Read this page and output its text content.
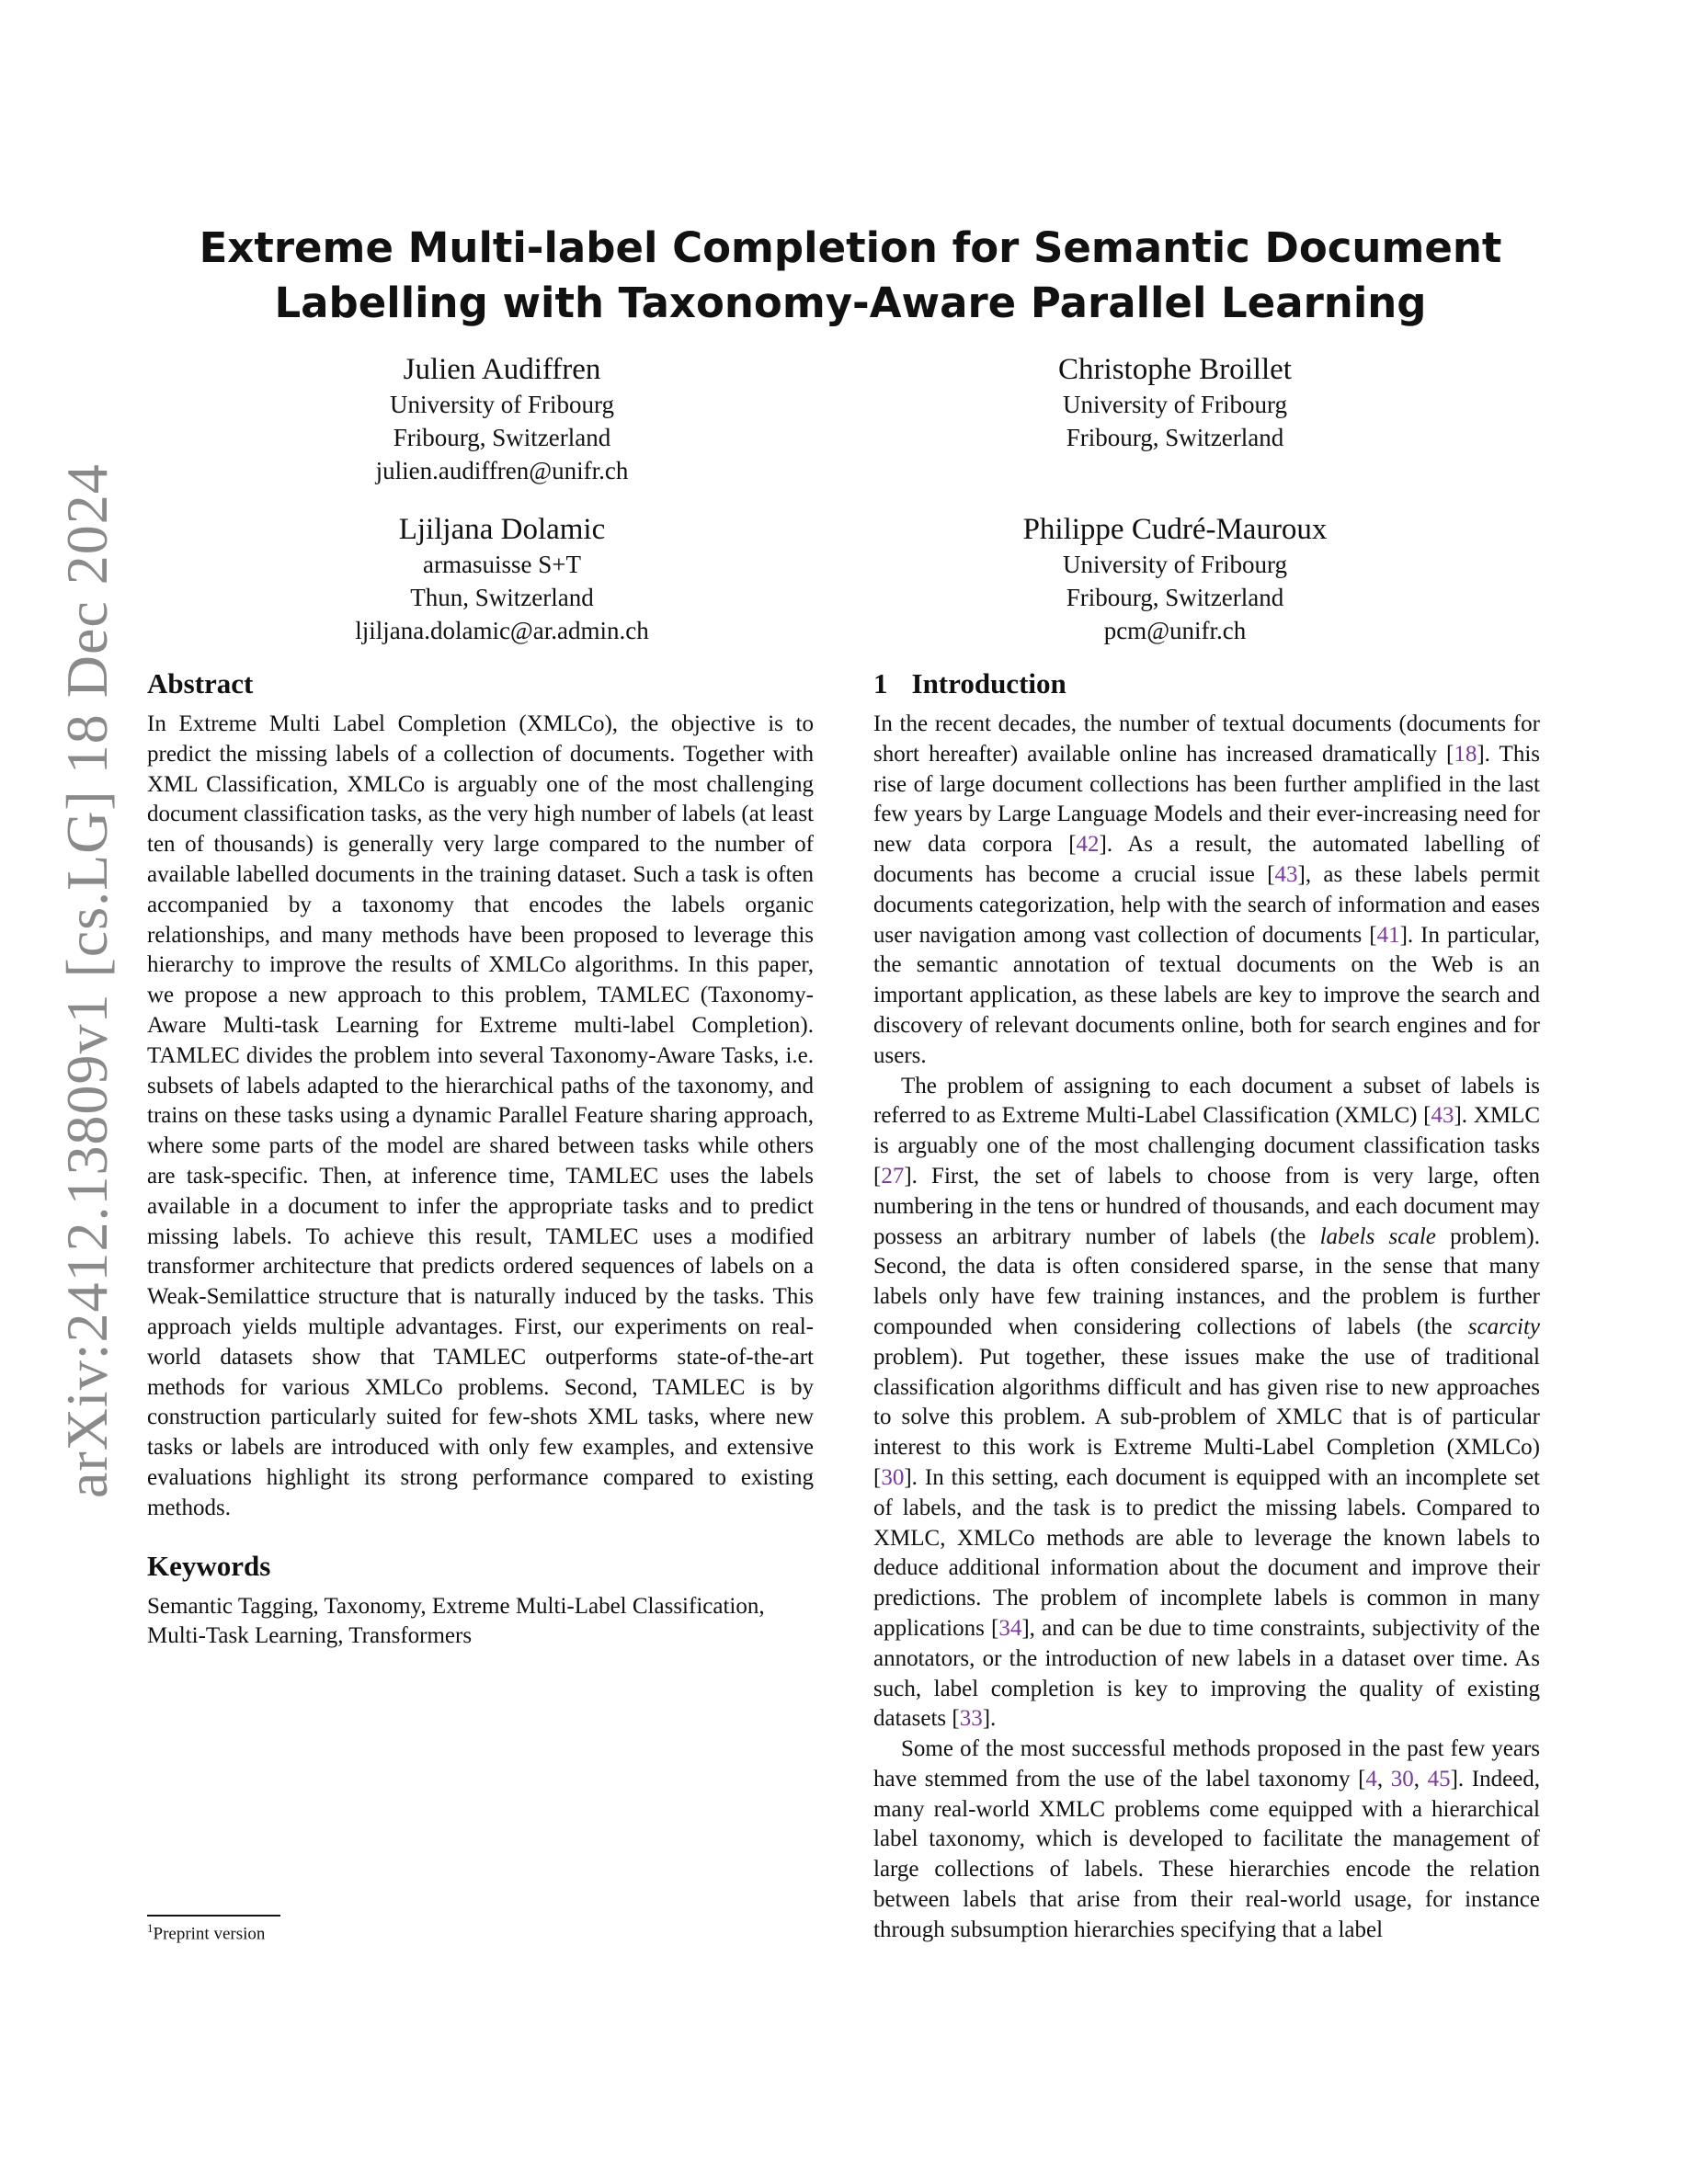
arXiv:2412.13809v1 [cs.LG] 18 Dec 2024
Extreme Multi-label Completion for Semantic Document Labelling with Taxonomy-Aware Parallel Learning
Julien Audiffren
University of Fribourg
Fribourg, Switzerland
julien.audiffren@unifr.ch
Christophe Broillet
University of Fribourg
Fribourg, Switzerland
Ljiljana Dolamic
armasuisse S+T
Thun, Switzerland
ljiljana.dolamic@ar.admin.ch
Philippe Cudré-Mauroux
University of Fribourg
Fribourg, Switzerland
pcm@unifr.ch
Abstract

In Extreme Multi Label Completion (XMLCo), the objective is to predict the missing labels of a collection of documents. Together with XML Classification, XMLCo is arguably one of the most challenging document classification tasks, as the very high number of labels (at least ten of thousands) is generally very large compared to the number of available labelled documents in the training dataset. Such a task is often accompanied by a taxonomy that encodes the labels organic relationships, and many methods have been proposed to leverage this hierarchy to improve the results of XMLCo algorithms. In this paper, we propose a new approach to this problem, TAMLEC (Taxonomy-Aware Multi-task Learning for Extreme multi-label Completion). TAMLEC divides the problem into several Taxonomy-Aware Tasks, i.e. subsets of labels adapted to the hierarchical paths of the taxonomy, and trains on these tasks using a dynamic Parallel Feature sharing approach, where some parts of the model are shared between tasks while others are task-specific. Then, at inference time, TAMLEC uses the labels available in a document to infer the appropriate tasks and to predict missing labels. To achieve this result, TAMLEC uses a modified transformer architecture that predicts ordered sequences of labels on a Weak-Semilattice structure that is naturally induced by the tasks. This approach yields multiple advantages. First, our experiments on real-world datasets show that TAMLEC outperforms state-of-the-art methods for various XMLCo problems. Second, TAMLEC is by construction particularly suited for few-shots XML tasks, where new tasks or labels are introduced with only few examples, and extensive evaluations highlight its strong performance compared to existing methods.

Keywords

Semantic Tagging, Taxonomy, Extreme Multi-Label Classification, Multi-Task Learning, Transformers

$^1$Preprint version
1 Introduction

In the recent decades, the number of textual documents (documents for short hereafter) available online has increased dramatically [18]. This rise of large document collections has been further amplified in the last few years by Large Language Models and their ever-increasing need for new data corpora [42]. As a result, the automated labelling of documents has become a crucial issue [43], as these labels permit documents categorization, help with the search of information and eases user navigation among vast collection of documents [41]. In particular, the semantic annotation of textual documents on the Web is an important application, as these labels are key to improve the search and discovery of relevant documents online, both for search engines and for users.

The problem of assigning to each document a subset of labels is referred to as Extreme Multi-Label Classification (XMLC) [43]. XMLC is arguably one of the most challenging document classification tasks [27]. First, the set of labels to choose from is very large, often numbering in the tens or hundred of thousands, and each document may possess an arbitrary number of labels (the labels scale problem). Second, the data is often considered sparse, in the sense that many labels only have few training instances, and the problem is further compounded when considering collections of labels (the scarcity problem). Put together, these issues make the use of traditional classification algorithms difficult and has given rise to new approaches to solve this problem. A sub-problem of XMLC that is of particular interest to this work is Extreme Multi-Label Completion (XMLCo) [30]. In this setting, each document is equipped with an incomplete set of labels, and the task is to predict the missing labels. Compared to XMLC, XMLCo methods are able to leverage the known labels to deduce additional information about the document and improve their predictions. The problem of incomplete labels is common in many applications [34], and can be due to time constraints, subjectivity of the annotators, or the introduction of new labels in a dataset over time. As such, label completion is key to improving the quality of existing datasets [33].

Some of the most successful methods proposed in the past few years have stemmed from the use of the label taxonomy [4, 30, 45]. Indeed, many real-world XMLC problems come equipped with a hierarchical label taxonomy, which is developed to facilitate the management of large collections of labels. These hierarchies encode the relation between labels that arise from their real-world usage, for instance through subsumption hierarchies specifying that a label
